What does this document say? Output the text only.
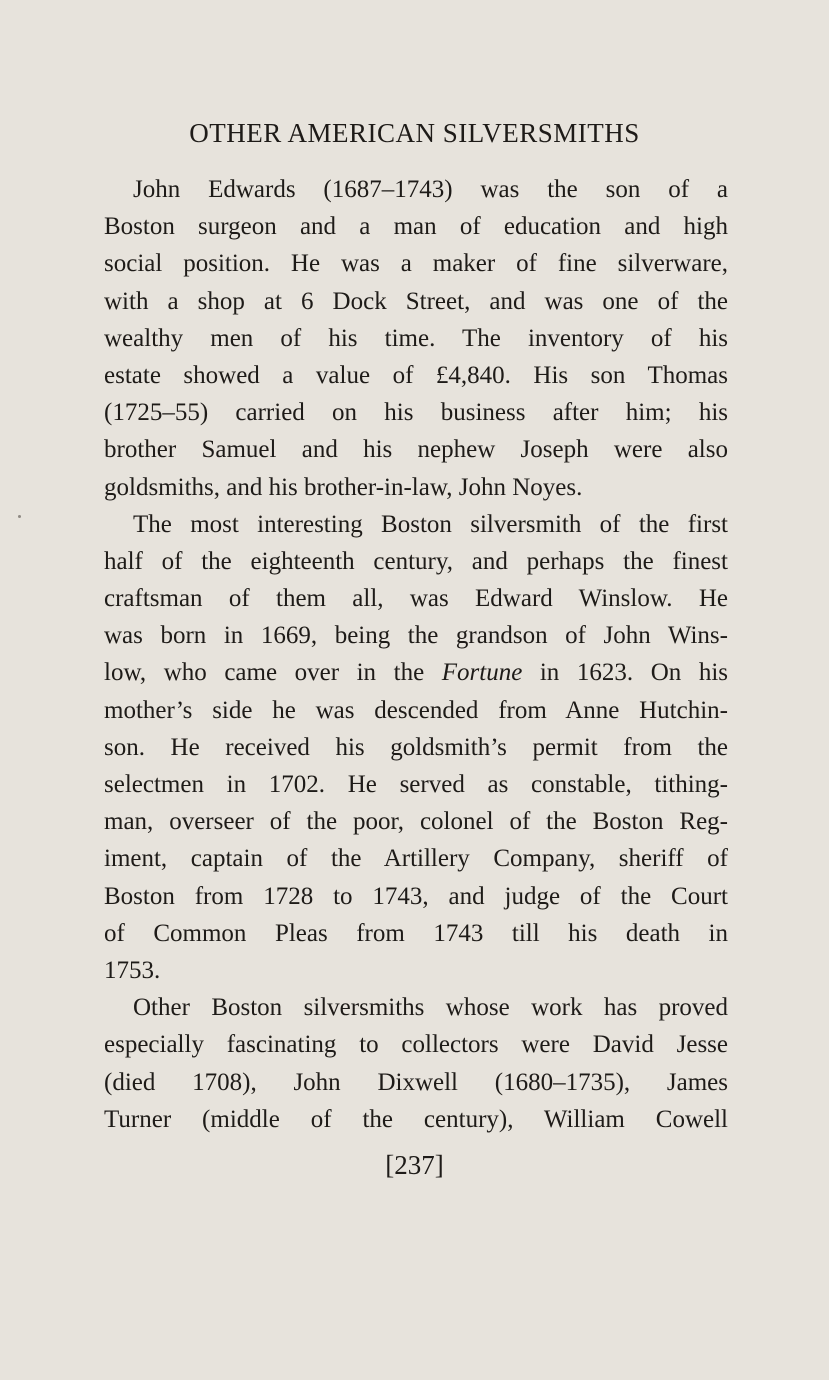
OTHER AMERICAN SILVERSMITHS
John Edwards (1687–1743) was the son of a
Boston surgeon and a man of education and high
social position. He was a maker of fine silverware,
with a shop at 6 Dock Street, and was one of the
wealthy men of his time. The inventory of his
estate showed a value of £4,840. His son Thomas
(1725–55) carried on his business after him; his
brother Samuel and his nephew Joseph were also
goldsmiths, and his brother-in-law, John Noyes.
The most interesting Boston silversmith of the first
half of the eighteenth century, and perhaps the finest
craftsman of them all, was Edward Winslow. He
was born in 1669, being the grandson of John Wins-
low, who came over in the Fortune in 1623. On his
mother’s side he was descended from Anne Hutchin-
son. He received his goldsmith’s permit from the
selectmen in 1702. He served as constable, tithing-
man, overseer of the poor, colonel of the Boston Reg-
iment, captain of the Artillery Company, sheriff of
Boston from 1728 to 1743, and judge of the Court
of Common Pleas from 1743 till his death in
1753.
Other Boston silversmiths whose work has proved
especially fascinating to collectors were David Jesse
(died 1708), John Dixwell (1680–1735), James
Turner (middle of the century), William Cowell
[237]
